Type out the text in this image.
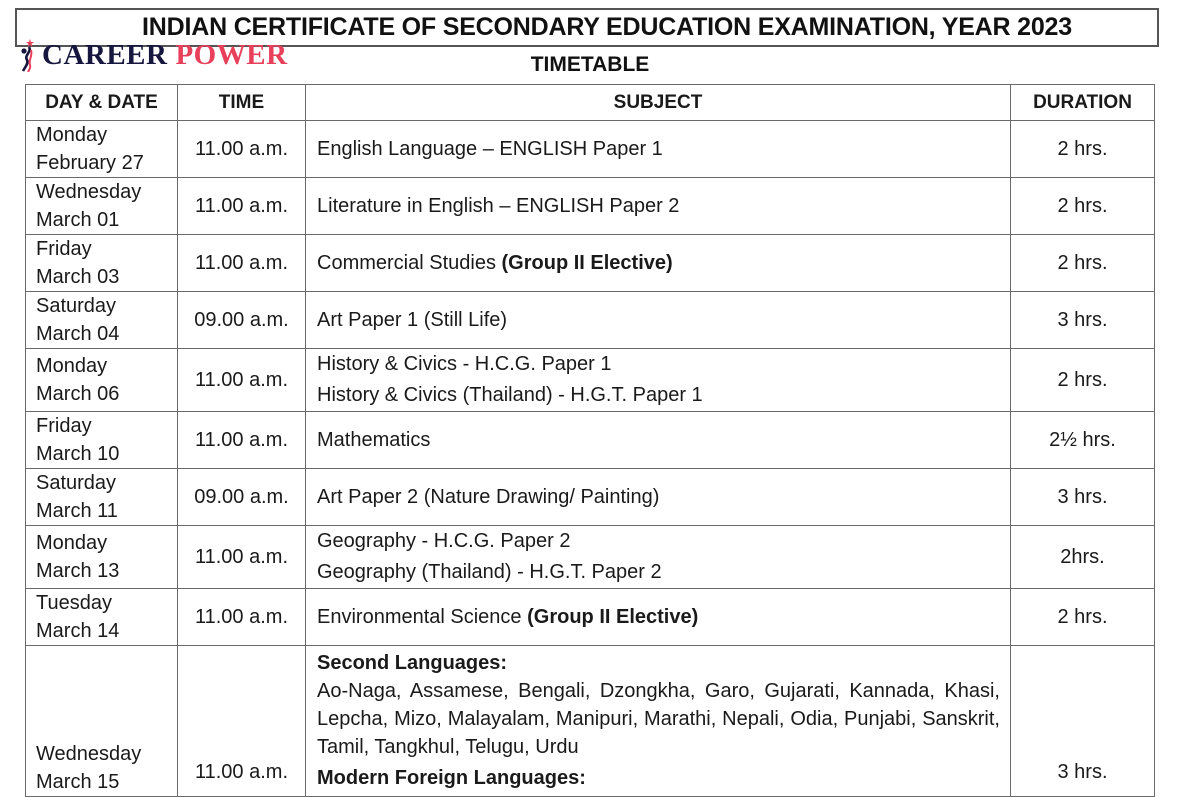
INDIAN CERTIFICATE OF SECONDARY EDUCATION EXAMINATION, YEAR 2023
CAREER POWER	TIMETABLE
DAY & DATE	TIME	SUBJECT	DURATION
Monday
February 27	11.00 a.m.	English Language – ENGLISH Paper 1	2 hrs.
Wednesday
March 01	11.00 a.m.	Literature in English – ENGLISH Paper 2	2 hrs.
Friday
March 03	11.00 a.m.	Commercial Studies (Group II Elective)	2 hrs.
Saturday
March 04	09.00 a.m.	Art Paper 1 (Still Life)	3 hrs.
Monday
March 06	11.00 a.m.	History & Civics - H.C.G. Paper 1
History & Civics (Thailand) - H.G.T. Paper 1	2 hrs.
Friday
March 10	11.00 a.m.	Mathematics	2½ hrs.
Saturday
March 11	09.00 a.m.	Art Paper 2 (Nature Drawing/ Painting)	3 hrs.
Monday
March 13	11.00 a.m.	Geography - H.C.G. Paper 2
Geography (Thailand) - H.G.T. Paper 2	2hrs.
Tuesday
March 14	11.00 a.m.	Environmental Science (Group II Elective)	2 hrs.
Wednesday
March 15	11.00 a.m.	Second Languages:
Ao-Naga, Assamese, Bengali, Dzongkha, Garo, Gujarati, Kannada, Khasi, Lepcha, Mizo, Malayalam, Manipuri, Marathi, Nepali, Odia, Punjabi, Sanskrit, Tamil, Tangkhul, Telugu, Urdu
Modern Foreign Languages:	3 hrs.
